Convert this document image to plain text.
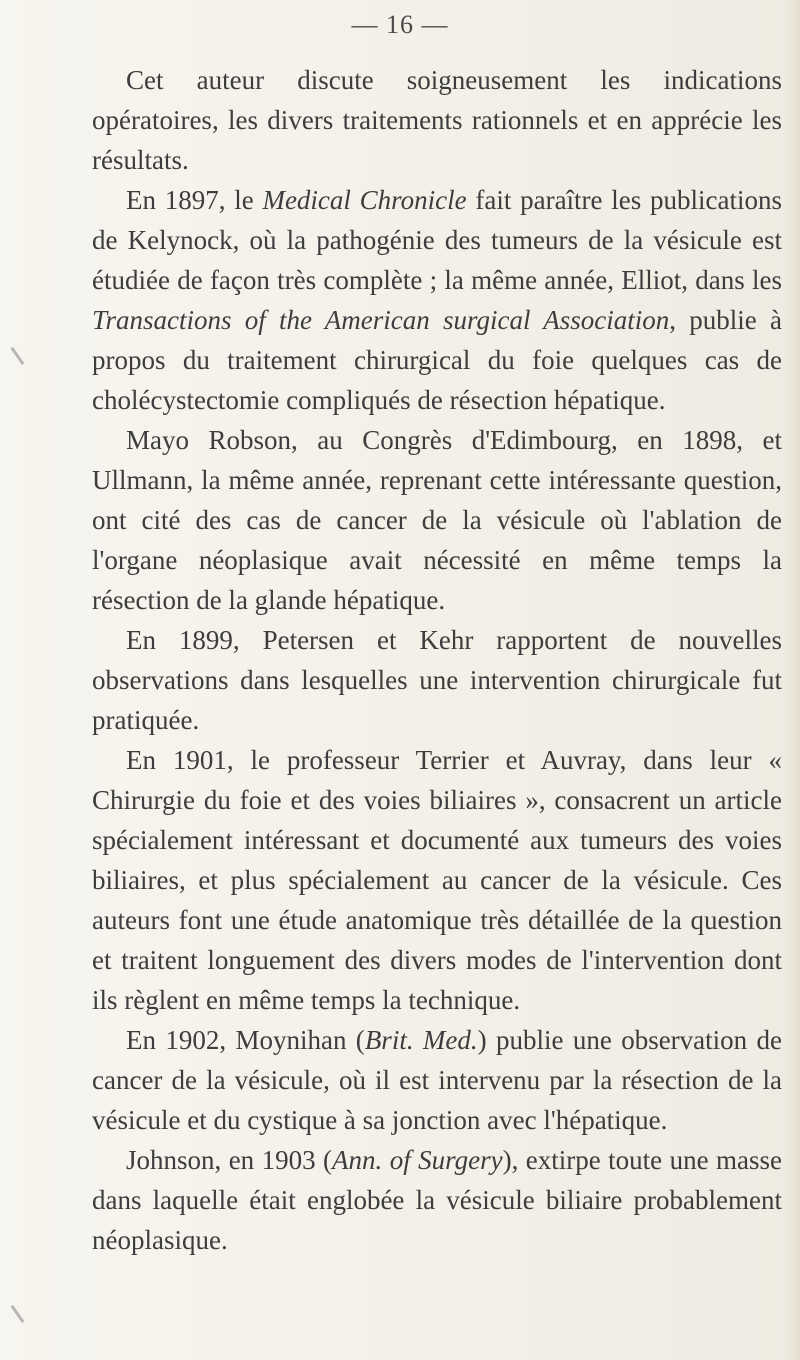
— 16 —

Cet auteur discute soigneusement les indications opératoires, les divers traitements rationnels et en apprécie les résultats.

En 1897, le Medical Chronicle fait paraître les publications de Kelynock, où la pathogénie des tumeurs de la vésicule est étudiée de façon très complète ; la même année, Elliot, dans les Transactions of the American surgical Association, publie à propos du traitement chirurgical du foie quelques cas de cholécystectomie compliqués de résection hépatique.

Mayo Robson, au Congrès d'Edimbourg, en 1898, et Ullmann, la même année, reprenant cette intéressante question, ont cité des cas de cancer de la vésicule où l'ablation de l'organe néoplasique avait nécessité en même temps la résection de la glande hépatique.

En 1899, Petersen et Kehr rapportent de nouvelles observations dans lesquelles une intervention chirurgicale fut pratiquée.

En 1901, le professeur Terrier et Auvray, dans leur « Chirurgie du foie et des voies biliaires », consacrent un article spécialement intéressant et documenté aux tumeurs des voies biliaires, et plus spécialement au cancer de la vésicule. Ces auteurs font une étude anatomique très détaillée de la question et traitent longuement des divers modes de l'intervention dont ils règlent en même temps la technique.

En 1902, Moynihan (Brit. Med.) publie une observation de cancer de la vésicule, où il est intervenu par la résection de la vésicule et du cystique à sa jonction avec l'hépatique.

Johnson, en 1903 (Ann. of Surgery), extirpe toute une masse dans laquelle était englobée la vésicule biliaire probablement néoplasique.
